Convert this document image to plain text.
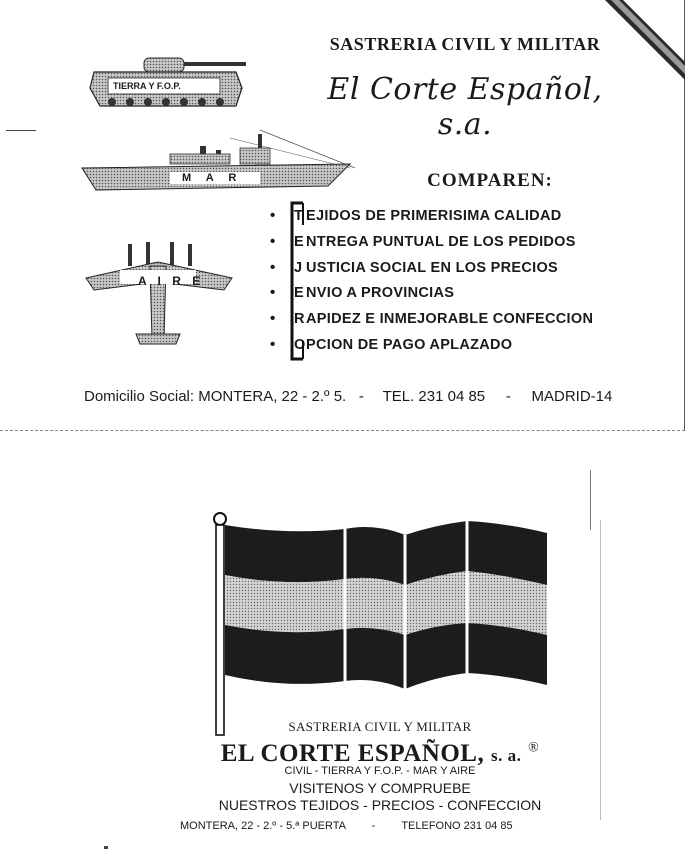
SASTRERIA CIVIL Y MILITAR
El Corte Español, s.a.
TIERRA Y F.O.P.
M A R
A I R E
COMPAREN:
• T EJIDOS DE PRIMERISIMA CALIDAD
• E NTREGA PUNTUAL DE LOS PEDIDOS
• J USTICIA SOCIAL EN LOS PRECIOS
• E NVIO A PROVINCIAS
• RAPIDEZ E INMEJORABLE CONFECCION
• OPCION DE PAGO APLAZADO
Domicilio Social: MONTERA, 22 - 2.º 5. - TEL. 231 04 85 - MADRID-14
SASTRERIA CIVIL Y MILITAR
EL CORTE ESPAÑOL, s. a. ®
CIVIL - TIERRA Y F.O.P. - MAR Y AIRE
VISITENOS Y COMPRUEBE
NUESTROS TEJIDOS - PRECIOS - CONFECCION
MONTERA, 22 - 2.º - 5.ª PUERTA - TELEFONO 231 04 85
